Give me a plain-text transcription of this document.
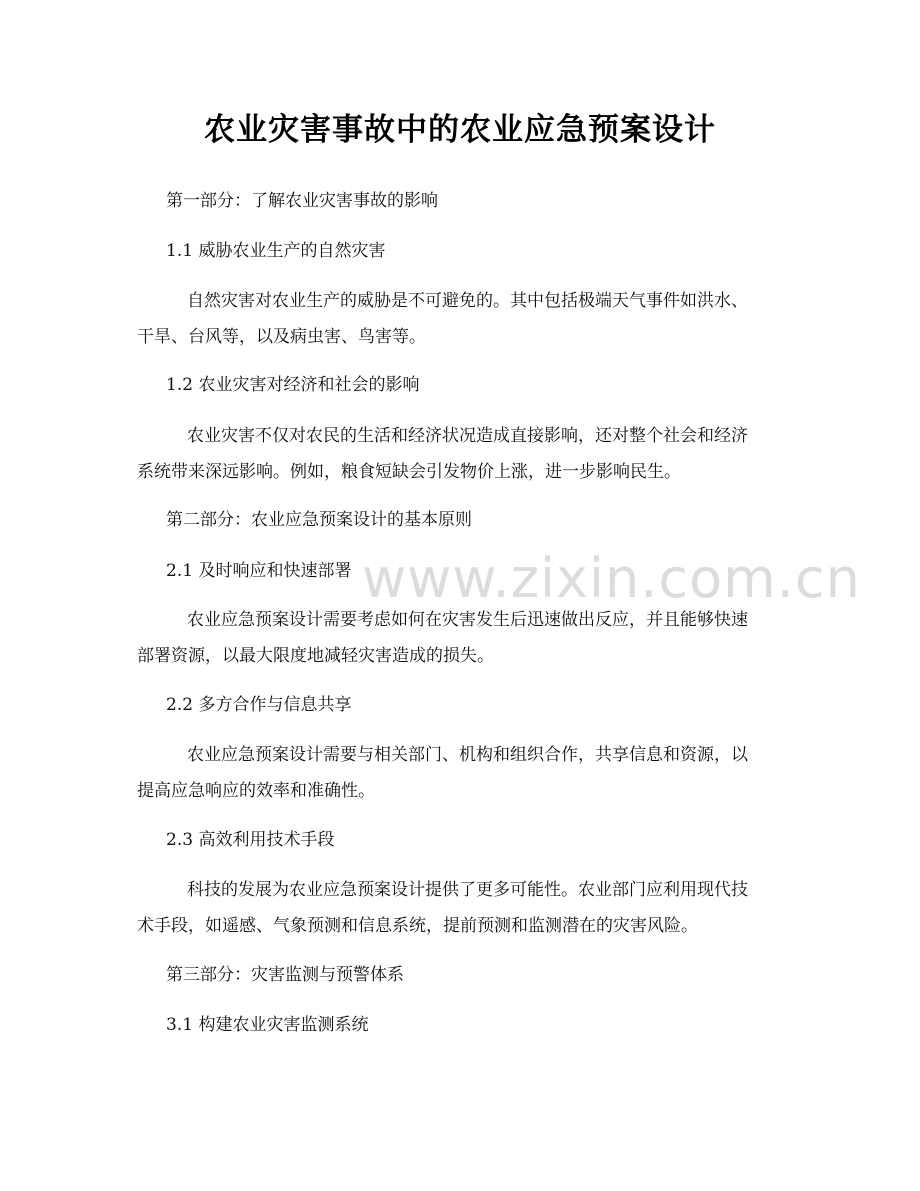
农业灾害事故中的农业应急预案设计
第一部分：了解农业灾害事故的影响
1.1 威胁农业生产的自然灾害
自然灾害对农业生产的威胁是不可避免的。其中包括极端天气事件如洪水、
干旱、台风等，以及病虫害、鸟害等。
1.2 农业灾害对经济和社会的影响
农业灾害不仅对农民的生活和经济状况造成直接影响，还对整个社会和经济
系统带来深远影响。例如，粮食短缺会引发物价上涨，进一步影响民生。
第二部分：农业应急预案设计的基本原则
2.1 及时响应和快速部署 www.zixin.com.cn
农业应急预案设计需要考虑如何在灾害发生后迅速做出反应，并且能够快速
部署资源，以最大限度地减轻灾害造成的损失。
2.2 多方合作与信息共享
农业应急预案设计需要与相关部门、机构和组织合作，共享信息和资源，以
提高应急响应的效率和准确性。
2.3 高效利用技术手段
科技的发展为农业应急预案设计提供了更多可能性。农业部门应利用现代技
术手段，如遥感、气象预测和信息系统，提前预测和监测潜在的灾害风险。
第三部分：灾害监测与预警体系
3.1 构建农业灾害监测系统
